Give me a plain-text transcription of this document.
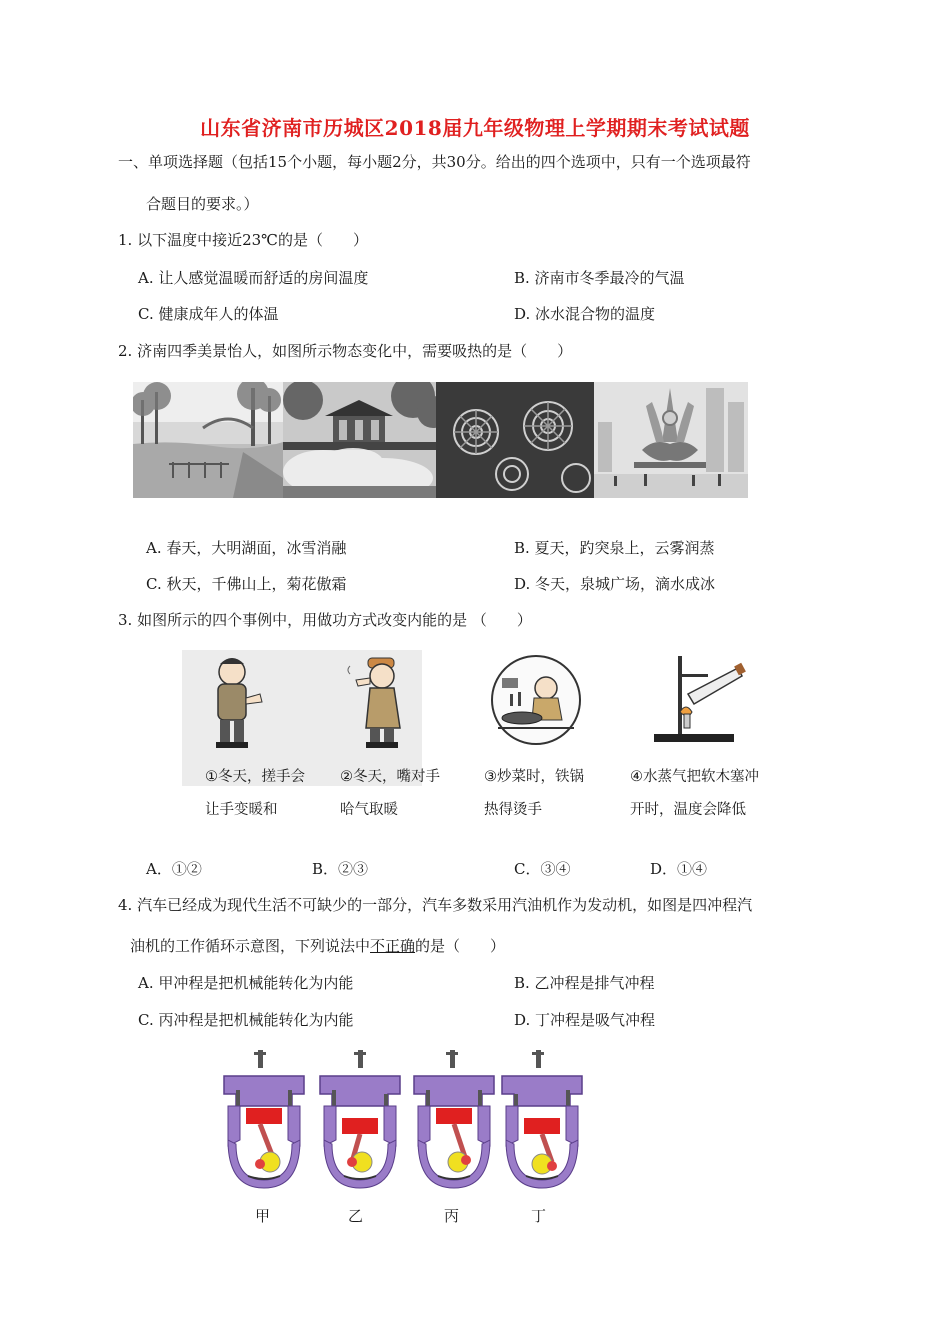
山东省济南市历城区2018届九年级物理上学期期末考试试题
一、单项选择题（包括15个小题，每小题2分，共30分。给出的四个选项中，只有一个选项最符
合题目的要求。）
1. 以下温度中接近23℃的是（　　）
A. 让人感觉温暖而舒适的房间温度	B. 济南市冬季最冷的气温
C. 健康成年人的体温	D. 冰水混合物的温度
2. 济南四季美景怡人，如图所示物态变化中，需要吸热的是（　　）
A. 春天，大明湖面，冰雪消融	B. 夏天，趵突泉上，云雾润蒸
C. 秋天，千佛山上，菊花傲霜	D. 冬天，泉城广场，滴水成冰
3. 如图所示的四个事例中，用做功方式改变内能的是 （　　）
①冬天，搓手会
让手变暖和
②冬天，嘴对手
哈气取暖
③炒菜时，铁锅
热得烫手
④水蒸气把软木塞冲
开时，温度会降低
A．①②	B．②③	C．③④	D．①④
4. 汽车已经成为现代生活不可缺少的一部分，汽车多数采用汽油机作为发动机，如图是四冲程汽
油机的工作循环示意图，下列说法中不正确的是（　　）
A. 甲冲程是把机械能转化为内能	B. 乙冲程是排气冲程
C. 丙冲程是把机械能转化为内能	D. 丁冲程是吸气冲程
甲	乙	丙	丁
